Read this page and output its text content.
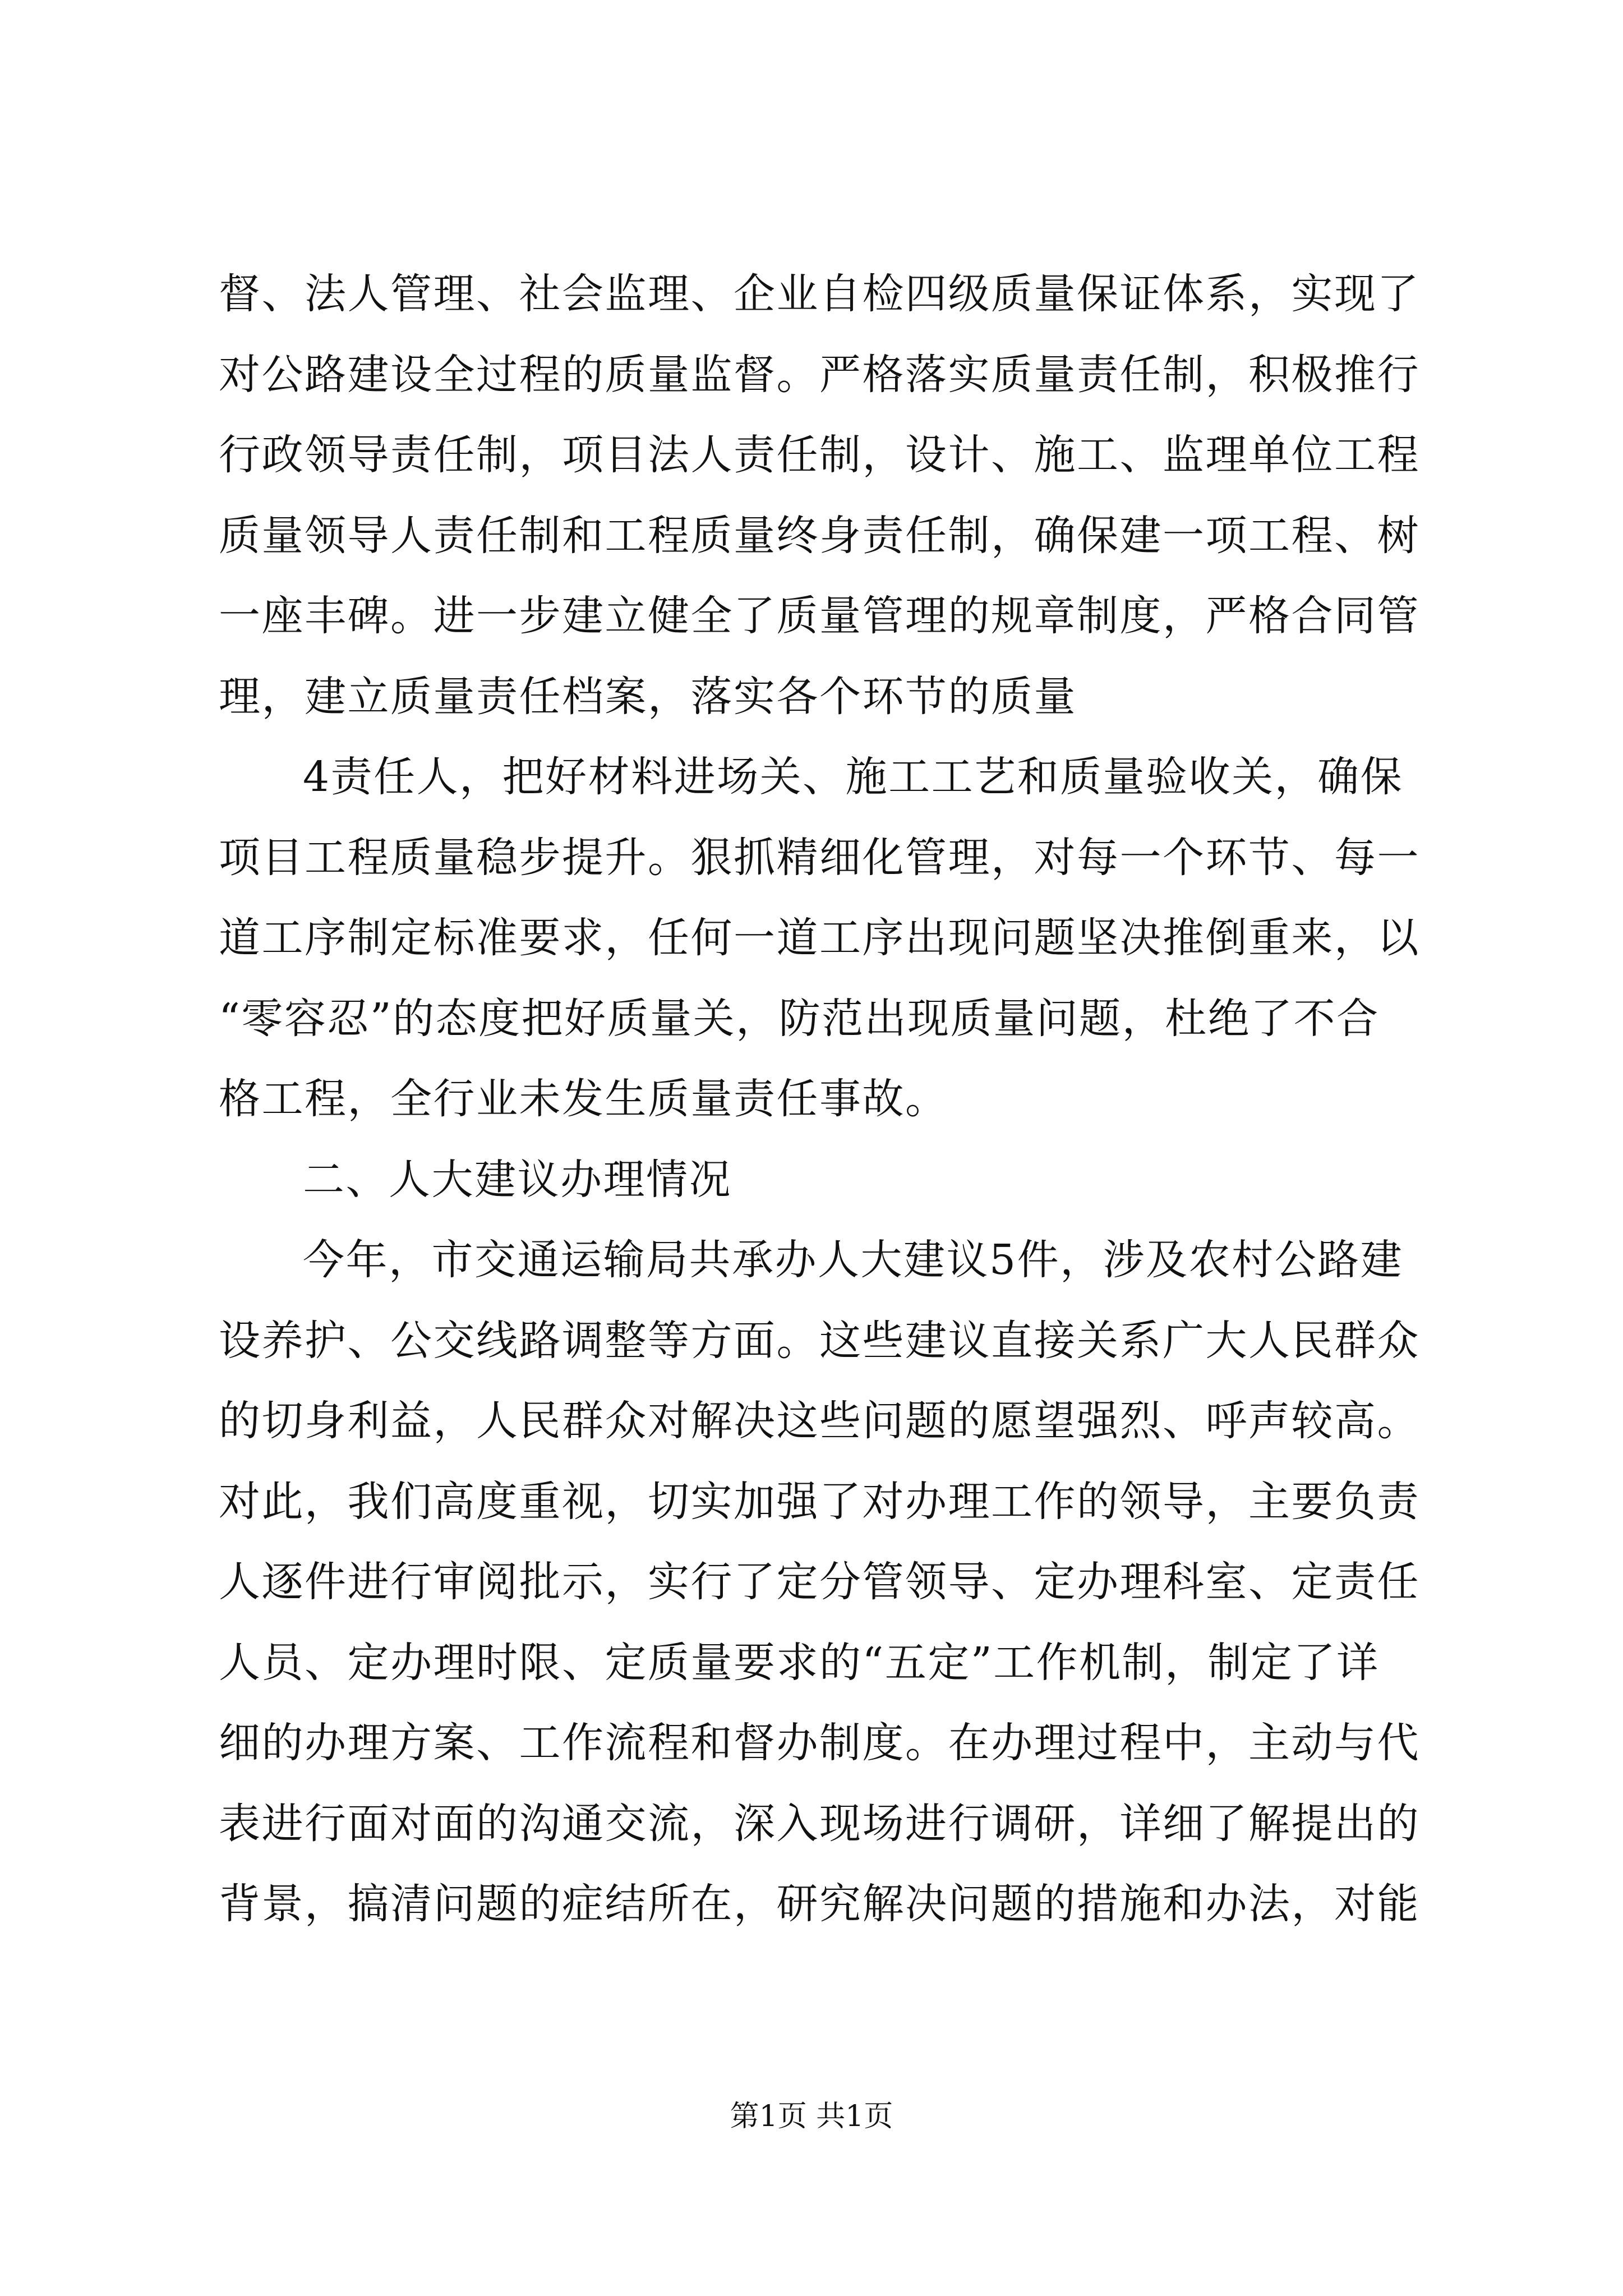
督、法人管理、社会监理、企业自检四级质量保证体系，实现了
对公路建设全过程的质量监督。严格落实质量责任制，积极推行
行政领导责任制，项目法人责任制，设计、施工、监理单位工程
质量领导人责任制和工程质量终身责任制，确保建一项工程、树
一座丰碑。进一步建立健全了质量管理的规章制度，严格合同管
理，建立质量责任档案，落实各个环节的质量
4责任人，把好材料进场关、施工工艺和质量验收关，确保
项目工程质量稳步提升。狠抓精细化管理，对每一个环节、每一
道工序制定标准要求，任何一道工序出现问题坚决推倒重来，以
“零容忍”的态度把好质量关，防范出现质量问题，杜绝了不合
格工程，全行业未发生质量责任事故。
二、人大建议办理情况
今年，市交通运输局共承办人大建议5件，涉及农村公路建
设养护、公交线路调整等方面。这些建议直接关系广大人民群众
的切身利益，人民群众对解决这些问题的愿望强烈、呼声较高。
对此，我们高度重视，切实加强了对办理工作的领导，主要负责
人逐件进行审阅批示，实行了定分管领导、定办理科室、定责任
人员、定办理时限、定质量要求的“五定”工作机制，制定了详
细的办理方案、工作流程和督办制度。在办理过程中，主动与代
表进行面对面的沟通交流，深入现场进行调研，详细了解提出的
背景，搞清问题的症结所在，研究解决问题的措施和办法，对能
第1页 共1页
